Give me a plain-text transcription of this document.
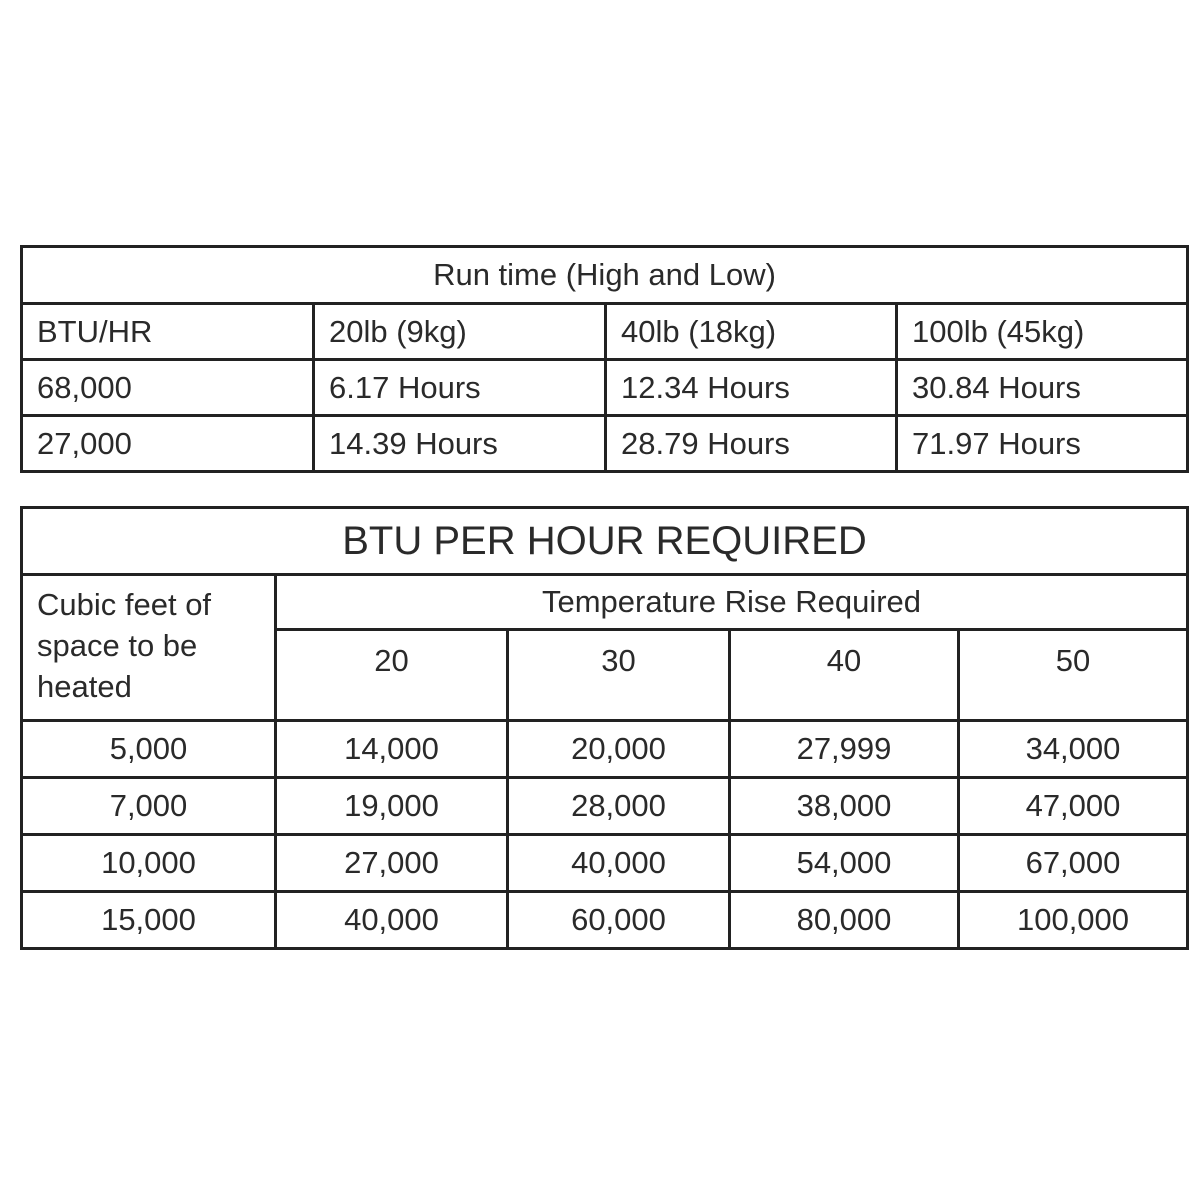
Run time (High and Low)			
BTU/HR	20lb (9kg)	40lb (18kg)	100lb (45kg)
68,000	6.17 Hours	12.34 Hours	30.84 Hours
27,000	14.39 Hours	28.79 Hours	71.97 Hours
BTU PER HOUR REQUIRED				
Cubic feet of space to be heated	Temperature Rise Required			
	20	30	40	50
5,000	14,000	20,000	27,999	34,000
7,000	19,000	28,000	38,000	47,000
10,000	27,000	40,000	54,000	67,000
15,000	40,000	60,000	80,000	100,000
